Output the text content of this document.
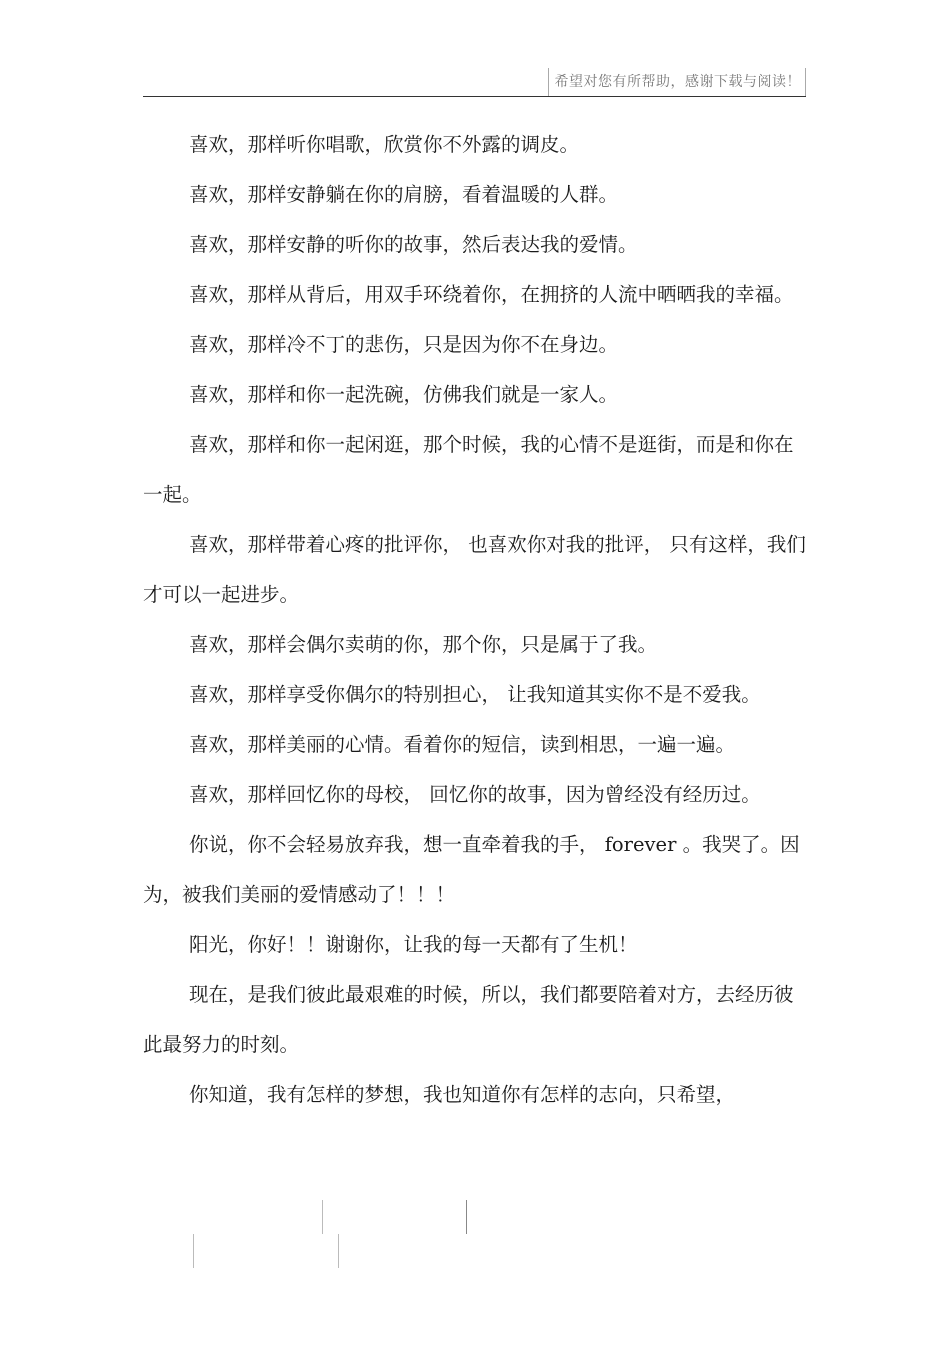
希望对您有所帮助，感谢下载与阅读！

喜欢，那样听你唱歌，欣赏你不外露的调皮。

喜欢，那样安静躺在你的肩膀，看着温暖的人群。

喜欢，那样安静的听你的故事，然后表达我的爱情。

喜欢，那样从背后，用双手环绕着你，在拥挤的人流中晒晒我的幸福。

喜欢，那样冷不丁的悲伤，只是因为你不在身边。

喜欢，那样和你一起洗碗，仿佛我们就是一家人。

喜欢，那样和你一起闲逛，那个时候，我的心情不是逛街，而是和你在一起。

喜欢，那样带着心疼的批评你， 也喜欢你对我的批评， 只有这样，我们才可以一起进步。

喜欢，那样会偶尔卖萌的你，那个你，只是属于了我。

喜欢，那样享受你偶尔的特别担心， 让我知道其实你不是不爱我。

喜欢，那样美丽的心情。看着你的短信，读到相思，一遍一遍。

喜欢，那样回忆你的母校， 回忆你的故事，因为曾经没有经历过。

你说，你不会轻易放弃我，想一直牵着我的手， forever 。我哭了。因为，被我们美丽的爱情感动了！！！

阳光，你好！！谢谢你，让我的每一天都有了生机！

现在，是我们彼此最艰难的时候，所以，我们都要陪着对方，去经历彼此最努力的时刻。

你知道，我有怎样的梦想，我也知道你有怎样的志向，只希望，
